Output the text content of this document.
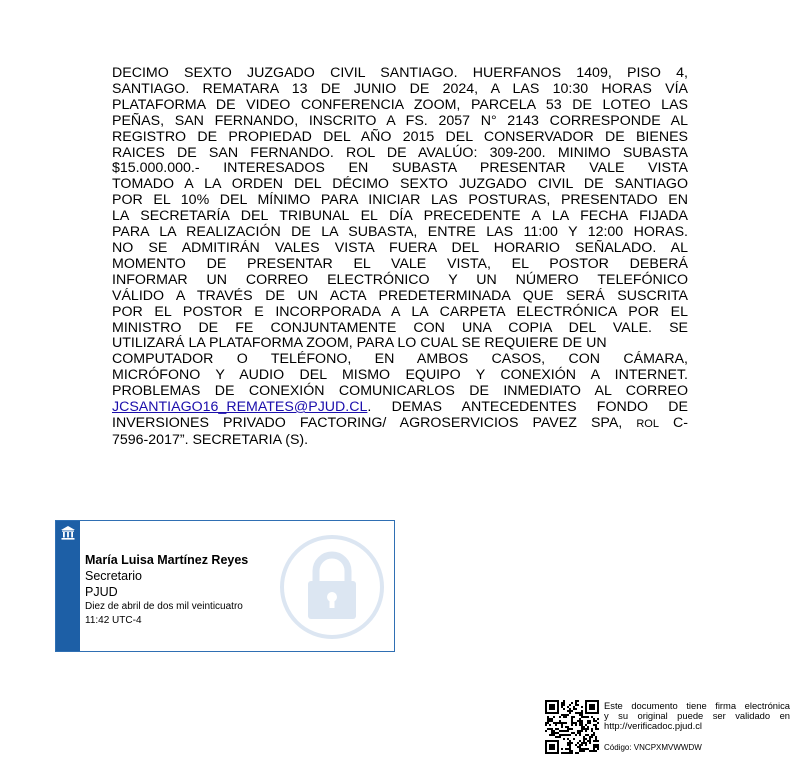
DECIMO SEXTO JUZGADO CIVIL SANTIAGO. HUERFANOS 1409, PISO 4,
SANTIAGO. REMATARA 13 DE JUNIO DE 2024, A LAS 10:30 HORAS VÍA
PLATAFORMA DE VIDEO CONFERENCIA ZOOM, PARCELA 53 DE LOTEO LAS
PEÑAS, SAN FERNANDO, INSCRITO A FS. 2057 N° 2143 CORRESPONDE AL
REGISTRO DE PROPIEDAD DEL AÑO 2015 DEL CONSERVADOR DE BIENES
RAICES DE SAN FERNANDO. ROL DE AVALÚO: 309-200. MINIMO SUBASTA
$15.000.000.- INTERESADOS EN SUBASTA PRESENTAR VALE VISTA
TOMADO A LA ORDEN DEL DÉCIMO SEXTO JUZGADO CIVIL DE SANTIAGO
POR EL 10% DEL MÍNIMO PARA INICIAR LAS POSTURAS, PRESENTADO EN
LA SECRETARÍA DEL TRIBUNAL EL DÍA PRECEDENTE A LA FECHA FIJADA
PARA LA REALIZACIÓN DE LA SUBASTA, ENTRE LAS 11:00 Y 12:00 HORAS.
NO SE ADMITIRÁN VALES VISTA FUERA DEL HORARIO SEÑALADO. AL
MOMENTO DE PRESENTAR EL VALE VISTA, EL POSTOR DEBERÁ
INFORMAR UN CORREO ELECTRÓNICO Y UN NÚMERO TELEFÓNICO
VÁLIDO A TRAVÉS DE UN ACTA PREDETERMINADA QUE SERÁ SUSCRITA
POR EL POSTOR E INCORPORADA A LA CARPETA ELECTRÓNICA POR EL
MINISTRO DE FE CONJUNTAMENTE CON UNA COPIA DEL VALE. SE
UTILIZARÁ LA PLATAFORMA ZOOM, PARA LO CUAL SE REQUIERE DE UN
COMPUTADOR O TELÉFONO, EN AMBOS CASOS, CON CÁMARA,
MICRÓFONO Y AUDIO DEL MISMO EQUIPO Y CONEXIÓN A INTERNET.
PROBLEMAS DE CONEXIÓN COMUNICARLOS DE INMEDIATO AL CORREO
JCSANTIAGO16_REMATES@PJUD.CL. DEMAS ANTECEDENTES FONDO DE
INVERSIONES PRIVADO FACTORING/ AGROSERVICIOS PAVEZ SPA, ROL C-
7596-2017”. SECRETARIA (S).
María Luisa Martínez Reyes
Secretario
PJUD
Diez de abril de dos mil veinticuatro
11:42 UTC-4
Este documento tiene firma electrónica
y su original puede ser validado en
http://verificadoc.pjud.cl
Código: VNCPXMVWWDW
